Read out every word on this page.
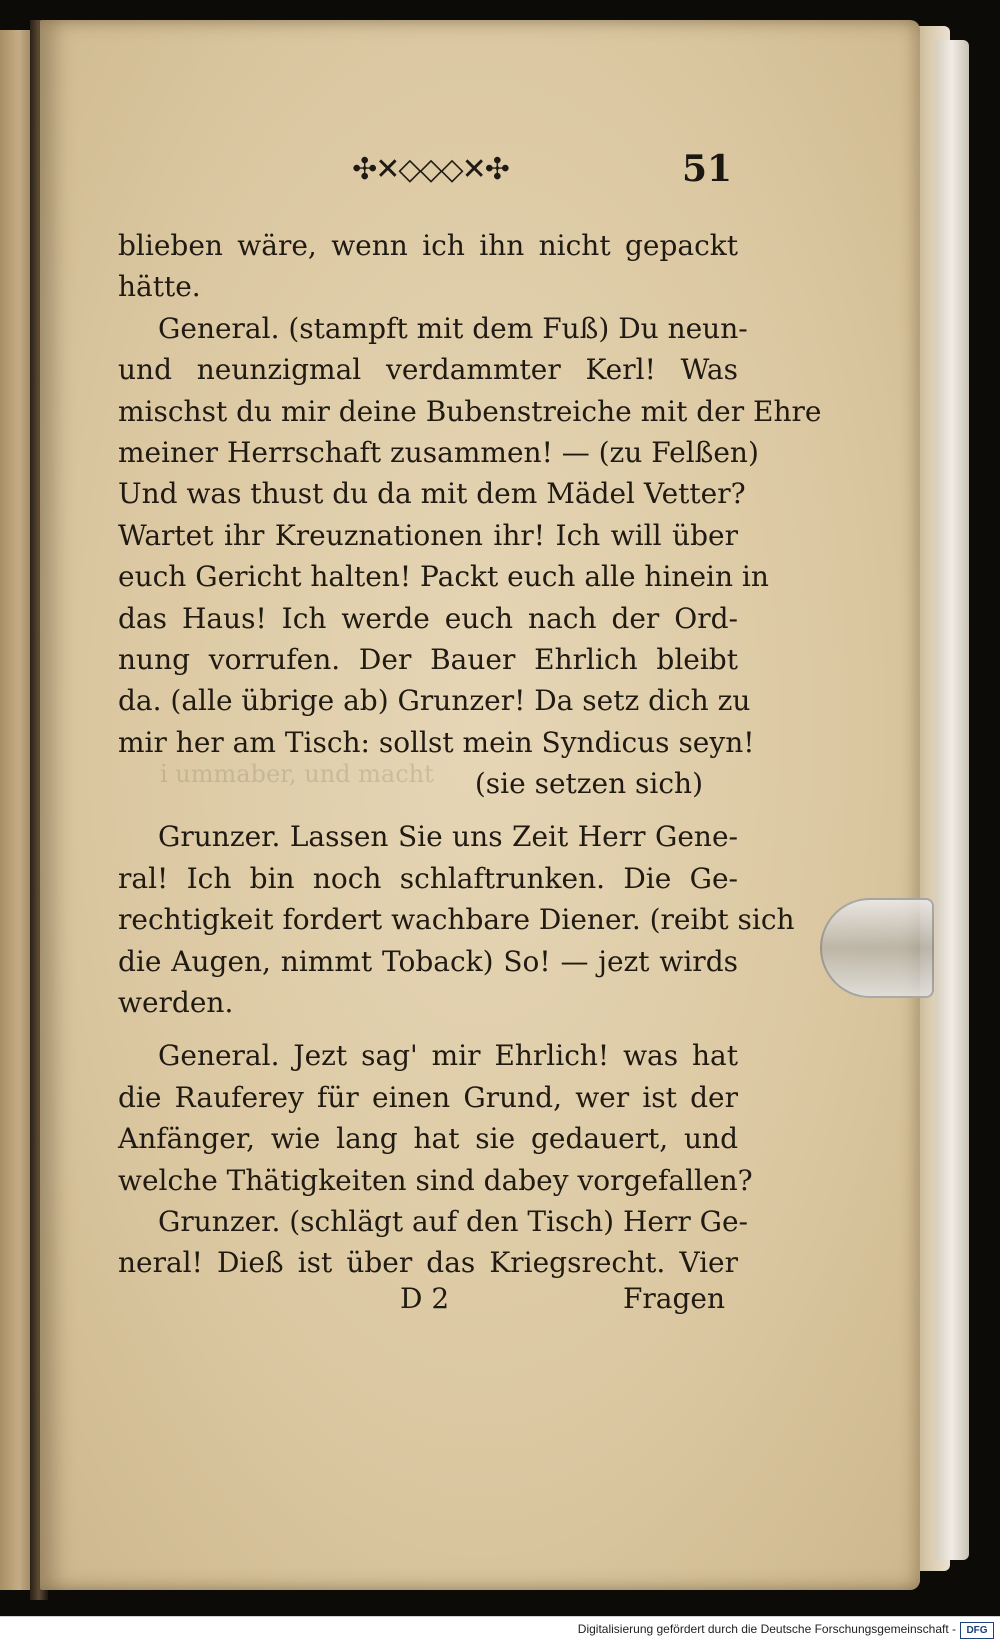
i ummaber, und macht
✣✕◇◇◇✕✣	51
blieben wäre, wenn ich ihn nicht gepackt
hätte.
General. (stampft mit dem Fuß) Du neun-
und neunzigmal verdammter Kerl! Was
mischst du mir deine Bubenstreiche mit der Ehre
meiner Herrschaft zusammen! — (zu Felßen)
Und was thust du da mit dem Mädel Vetter?
Wartet ihr Kreuznationen ihr! Ich will über
euch Gericht halten! Packt euch alle hinein in
das Haus! Ich werde euch nach der Ord-
nung vorrufen. Der Bauer Ehrlich bleibt
da. (alle übrige ab) Grunzer! Da setz dich zu
mir her am Tisch: sollst mein Syndicus seyn!
(sie setzen sich)
Grunzer. Lassen Sie uns Zeit Herr Gene-
ral! Ich bin noch schlaftrunken. Die Ge-
rechtigkeit fordert wachbare Diener. (reibt sich
die Augen, nimmt Toback) So! — jezt wirds
werden.
General. Jezt sag' mir Ehrlich! was hat
die Rauferey für einen Grund, wer ist der
Anfänger, wie lang hat sie gedauert, und
welche Thätigkeiten sind dabey vorgefallen?
Grunzer. (schlägt auf den Tisch) Herr Ge-
neral! Dieß ist über das Kriegsrecht. Vier
D 2	Fragen
Digitalisierung gefördert durch die Deutsche Forschungsgemeinschaft -	DFG
